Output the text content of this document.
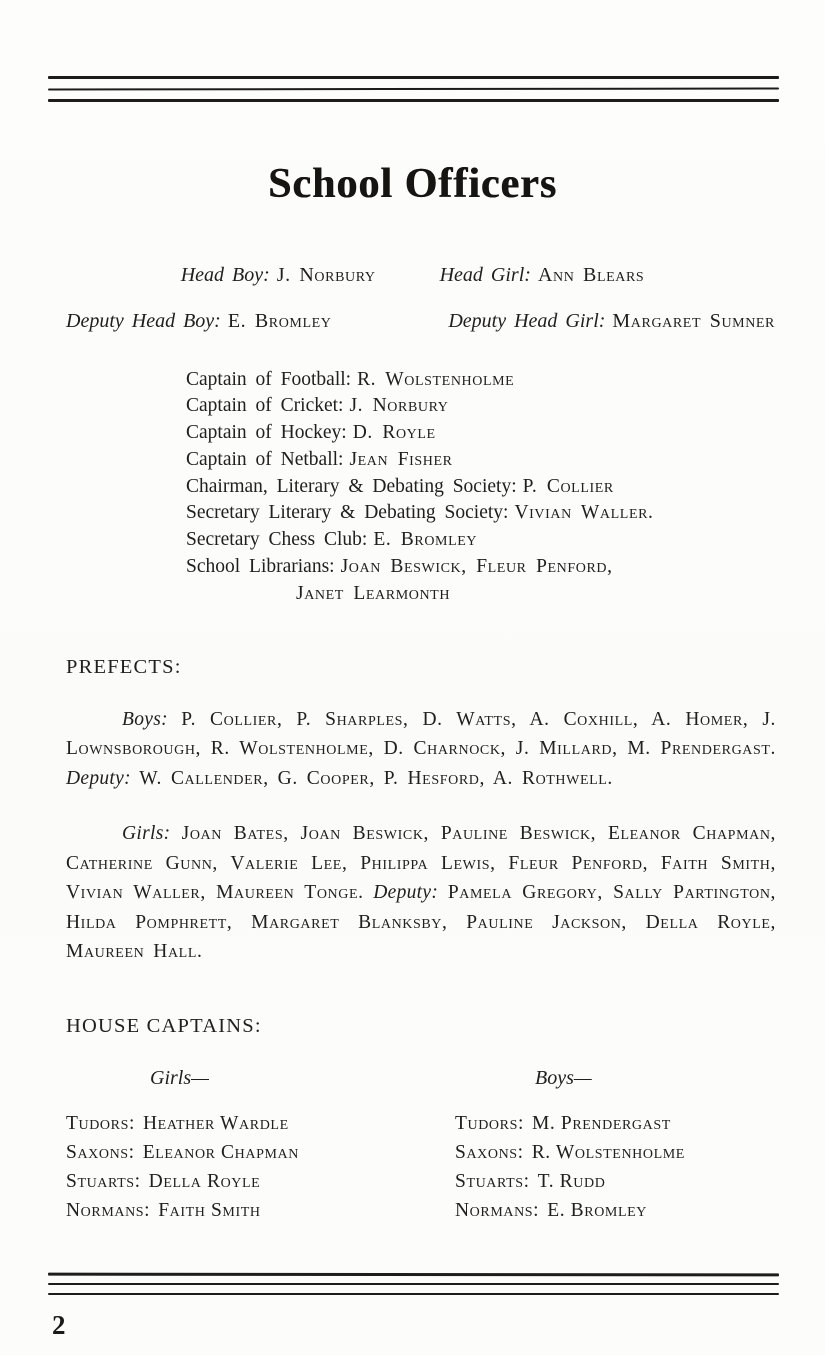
School Officers
Head Boy: J. Norbury	Head Girl: Ann Blears
Deputy Head Boy: E. Bromley	Deputy Head Girl: Margaret Sumner
Captain of Football: R. Wolstenholme
Captain of Cricket: J. Norbury
Captain of Hockey: D. Royle
Captain of Netball: Jean Fisher
Chairman, Literary & Debating Society: P. Collier
Secretary Literary & Debating Society: Vivian Waller.
Secretary Chess Club: E. Bromley
School Librarians: Joan Beswick, Fleur Penford,
Janet Learmonth
PREFECTS:

Boys: P. Collier, P. Sharples, D. Watts, A. Coxhill, A. Homer, J. Lownsborough, R. Wolstenholme, D. Charnock, J. Millard, M. Prendergast. Deputy: W. Callender, G. Cooper, P. Hesford, A. Rothwell.

Girls: Joan Bates, Joan Beswick, Pauline Beswick, Eleanor Chapman, Catherine Gunn, Valerie Lee, Philippa Lewis, Fleur Penford, Faith Smith, Vivian Waller, Maureen Tonge. Deputy: Pamela Gregory, Sally Partington, Hilda Pomphrett, Margaret Blanksby, Pauline Jackson, Della Royle, Maureen Hall.

HOUSE CAPTAINS:
Girls—
Tudors: Heather Wardle
Saxons: Eleanor Chapman
Stuarts: Della Royle
Normans: Faith Smith
Boys—
Tudors: M. Prendergast
Saxons: R. Wolstenholme
Stuarts: T. Rudd
Normans: E. Bromley
2
